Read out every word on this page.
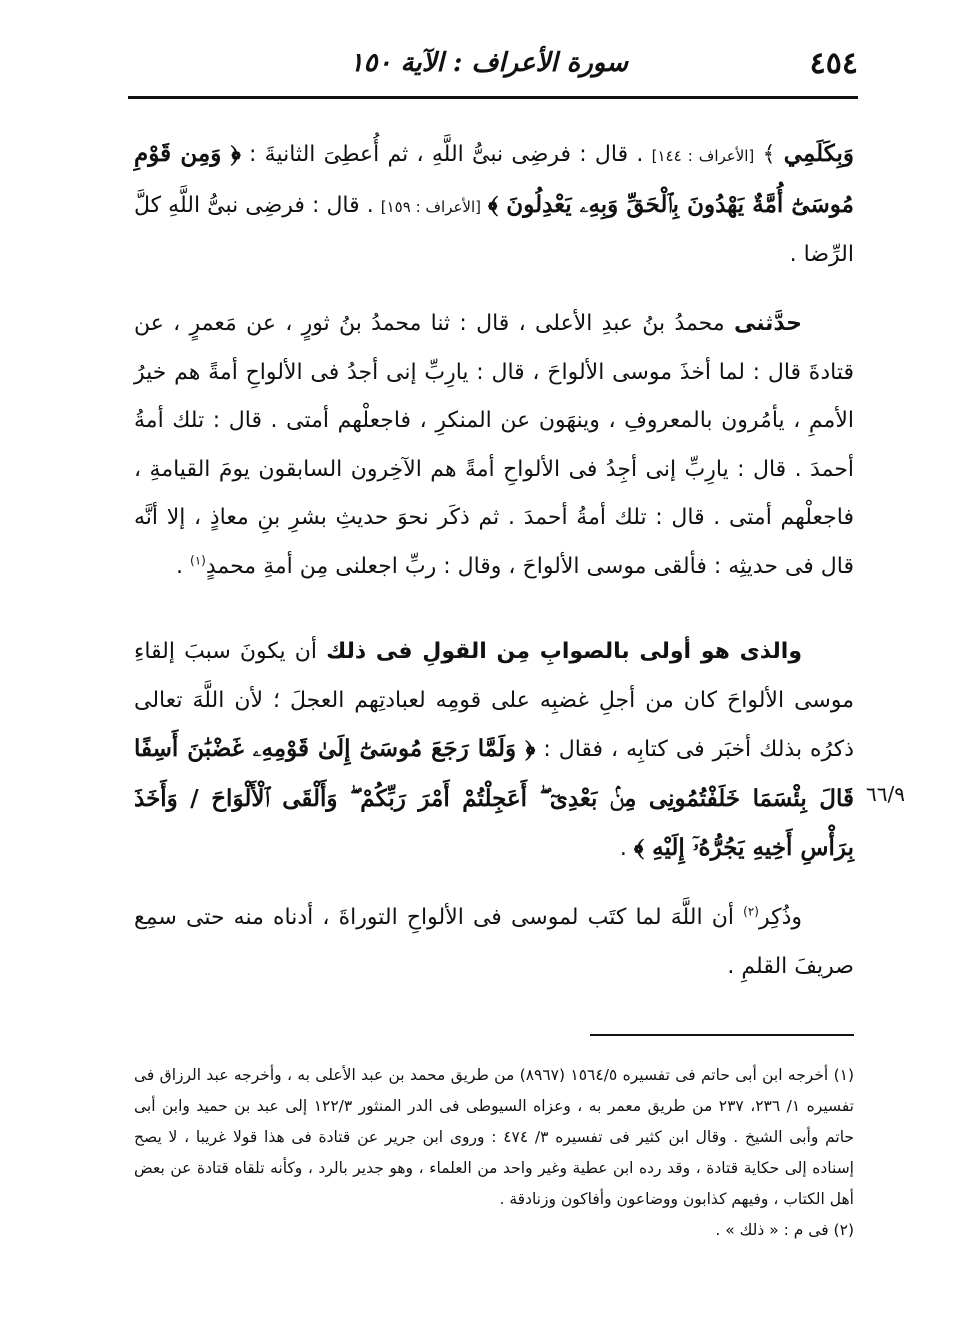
٤٥٤
سورة الأعراف : الآية ١٥٠
وَبِكَلَمِي ﴾ [الأعراف : ١٤٤] . قال : فرضِى نبىُّ اللَّهِ ، ثم أُعطِىَ الثانيةَ : ﴿ وَمِن قَوْمِ مُوسَىٰٓ أُمَّةٌ يَهْدُونَ بِٱلْحَقِّ وَبِهِۦ يَعْدِلُونَ ﴾ [الأعراف : ١٥٩] . قال : فرضِى نبىُّ اللَّهِ كلَّ الرِّضا .
حدَّثنى محمدُ بنُ عبدِ الأعلى ، قال : ثنا محمدُ بنُ ثورٍ ، عن مَعمرٍ ، عن قتادةَ قال : لما أخذَ موسى الألواحَ ، قال : يارِبِّ إنى أجدُ فى الألواحِ أمةً هم خيرُ الأممِ ، يأمُرون بالمعروفِ ، وينهَون عن المنكرِ ، فاجعلْهم أمتى . قال : تلك أمةُ أحمدَ . قال : يارِبِّ إنى أجِدُ فى الألواحِ أمةً هم الآخِرون السابقون يومَ القيامةِ ، فاجعلْهم أمتى . قال : تلك أمةُ أحمدَ . ثم ذكَر نحوَ حديثِ بشرِ بنِ معاذٍ ، إلا أنَّه قال فى حديثِه : فألقى موسى الألواحَ ، وقال : ربِّ اجعلنى مِن أمةِ محمدٍ$^{(١)}$ .
والذى هو أولى بالصوابِ مِن القولِ فى ذلك أن يكونَ سببَ إلقاءِ موسى الألواحَ كان من أجلِ غضبِه على قومِه لعبادتِهم العجلَ ؛ لأن اللَّهَ تعالى ذكرُه بذلك أخبَر فى كتابِه ، فقال : ﴿ وَلَمَّا رَجَعَ مُوسَىٰٓ إِلَىٰ قَوْمِهِۦ غَضْبَٰنَ أَسِفًا قَالَ بِئْسَمَا خَلَفْتُمُونِى مِنۢ بَعْدِىٓ ۖ أَعَجِلْتُمْ أَمْرَ رَبِّكُمْ ۖ وَأَلْقَى ٱلْأَلْوَاحَ / وَأَخَذَ بِرَأْسِ أَخِيهِ يَجُرُّهُۥٓ إِلَيْهِ ﴾ .
٦٦/٩
وذُكِر$^{(٢)}$ أن اللَّهَ لما كتَب لموسى فى الألواحِ التوراةَ ، أدناه منه حتى سمِع صريفَ القلمِ .

(١) أخرجه ابن أبى حاتم فى تفسيره ١٥٦٤/٥ (٨٩٦٧) من طريق محمد بن عبد الأعلى به ، وأخرجه عبد الرزاق فى تفسيره ١/ ٢٣٦، ٢٣٧ من طريق معمر به ، وعزاه السيوطى فى الدر المنثور ١٢٢/٣ إلى عبد بن حميد وابن أبى حاتم وأبى الشيخ . وقال ابن كثير فى تفسيره ٣/ ٤٧٤ : وروى ابن جرير عن قتادة فى هذا قولا غريبا ، لا يصح إسناده إلى حكاية قتادة ، وقد رده ابن عطية وغير واحد من العلماء ، وهو جدير بالرد ، وكأنه تلقاه قتادة عن بعض أهل الكتاب ، وفيهم كذابون ووضاعون وأفاكون وزنادقة .

(٢) فى م : « ذلك » .
